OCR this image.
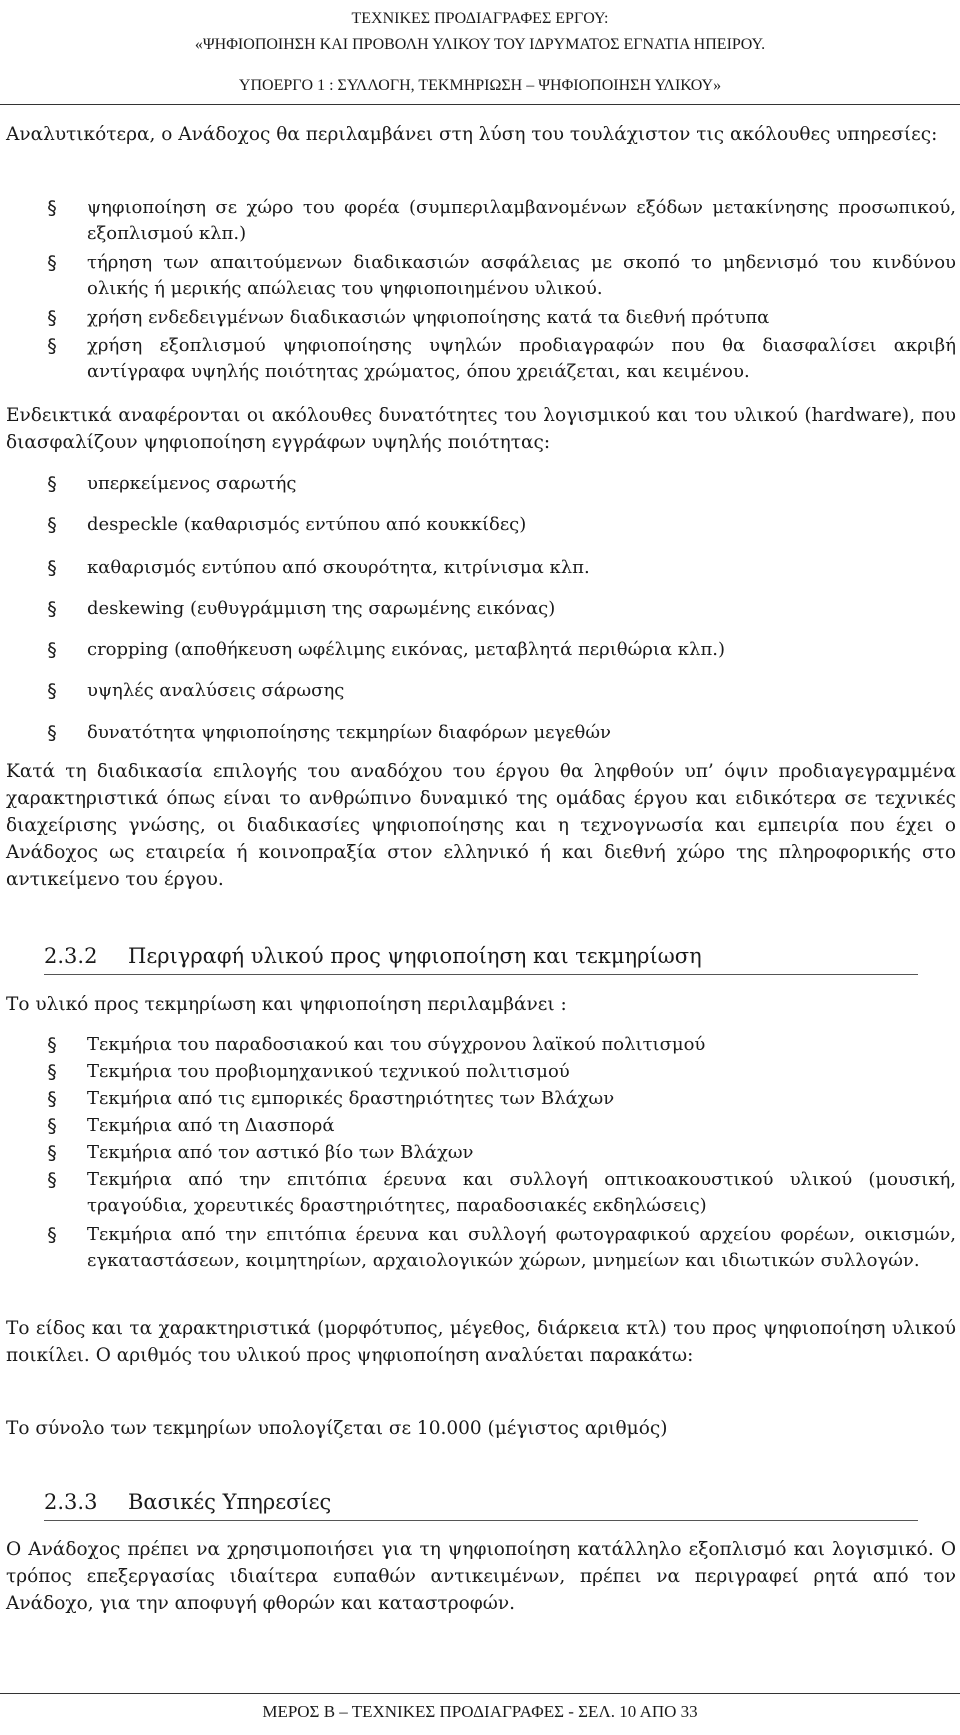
ΤΕΧΝΙΚΕΣ ΠΡΟΔΙΑΓΡΑΦΕΣ ΕΡΓΟΥ:
«ΨΗΦΙΟΠΟΙΗΣΗ ΚΑΙ ΠΡΟΒΟΛΗ ΥΛΙΚΟΥ ΤΟΥ ΙΔΡΥΜΑΤΟΣ ΕΓΝΑΤΙΑ ΗΠΕΙΡΟΥ.
ΥΠΟΕΡΓΟ 1 : ΣΥΛΛΟΓΗ, ΤΕΚΜΗΡΙΩΣΗ – ΨΗΦΙΟΠΟΙΗΣΗ ΥΛΙΚΟΥ»
Αναλυτικότερα, ο Ανάδοχος θα περιλαμβάνει στη λύση του τουλάχιστον τις ακόλουθες υπηρεσίες:
§ ψηφιοποίηση σε χώρο του φορέα (συμπεριλαμβανομένων εξόδων μετακίνησης προσωπικού, εξοπλισμού κλπ.)
§ τήρηση των απαιτούμενων διαδικασιών ασφάλειας με σκοπό το μηδενισμό του κινδύνου ολικής ή μερικής απώλειας του ψηφιοποιημένου υλικού.
§ χρήση ενδεδειγμένων διαδικασιών ψηφιοποίησης κατά τα διεθνή πρότυπα
§ χρήση εξοπλισμού ψηφιοποίησης υψηλών προδιαγραφών που θα διασφαλίσει ακριβή αντίγραφα υψηλής ποιότητας χρώματος, όπου χρειάζεται, και κειμένου.
Ενδεικτικά αναφέρονται οι ακόλουθες δυνατότητες του λογισμικού και του υλικού (hardware), που διασφαλίζουν ψηφιοποίηση εγγράφων υψηλής ποιότητας:
§ υπερκείμενος σαρωτής
§ despeckle (καθαρισμός εντύπου από κουκκίδες)
§ καθαρισμός εντύπου από σκουρότητα, κιτρίνισμα κλπ.
§ deskewing (ευθυγράμμιση της σαρωμένης εικόνας)
§ cropping (αποθήκευση ωφέλιμης εικόνας, μεταβλητά περιθώρια κλπ.)
§ υψηλές αναλύσεις σάρωσης
§ δυνατότητα ψηφιοποίησης τεκμηρίων διαφόρων μεγεθών
Κατά τη διαδικασία επιλογής του αναδόχου του έργου θα ληφθούν υπ’ όψιν προδιαγεγραμμένα χαρακτηριστικά όπως είναι το ανθρώπινο δυναμικό της ομάδας έργου και ειδικότερα σε τεχνικές διαχείρισης γνώσης, οι διαδικασίες ψηφιοποίησης και η τεχνογνωσία και εμπειρία που έχει ο Ανάδοχος ως εταιρεία ή κοινοπραξία στον ελληνικό ή και διεθνή χώρο της πληροφορικής στο αντικείμενο του έργου.
2.3.2 Περιγραφή υλικού προς ψηφιοποίηση και τεκμηρίωση
Το υλικό προς τεκμηρίωση και ψηφιοποίηση περιλαμβάνει :
§ Τεκμήρια του παραδοσιακού και του σύγχρονου λαϊκού πολιτισμού
§ Τεκμήρια του προβιομηχανικού τεχνικού πολιτισμού
§ Τεκμήρια από τις εμπορικές δραστηριότητες των Βλάχων
§ Τεκμήρια από τη Διασπορά
§ Τεκμήρια από τον αστικό βίο των Βλάχων
§ Τεκμήρια από την επιτόπια έρευνα και συλλογή οπτικοακουστικού υλικού (μουσική, τραγούδια, χορευτικές δραστηριότητες, παραδοσιακές εκδηλώσεις)
§ Τεκμήρια από την επιτόπια έρευνα και συλλογή φωτογραφικού αρχείου φορέων, οικισμών, εγκαταστάσεων, κοιμητηρίων, αρχαιολογικών χώρων, μνημείων και ιδιωτικών συλλογών.
Το είδος και τα χαρακτηριστικά (μορφότυπος, μέγεθος, διάρκεια κτλ) του προς ψηφιοποίηση υλικού ποικίλει. Ο αριθμός του υλικού προς ψηφιοποίηση αναλύεται παρακάτω:
Το σύνολο των τεκμηρίων υπολογίζεται σε 10.000 (μέγιστος αριθμός)
2.3.3 Βασικές Υπηρεσίες
Ο Ανάδοχος πρέπει να χρησιμοποιήσει για τη ψηφιοποίηση κατάλληλο εξοπλισμό και λογισμικό. Ο τρόπος επεξεργασίας ιδιαίτερα ευπαθών αντικειμένων, πρέπει να περιγραφεί ρητά από τον Ανάδοχο, για την αποφυγή φθορών και καταστροφών.
ΜΕΡΟΣ Β – ΤΕΧΝΙΚΕΣ ΠΡΟΔΙΑΓΡΑΦΕΣ - ΣΕΛ. 10 ΑΠΟ 33
